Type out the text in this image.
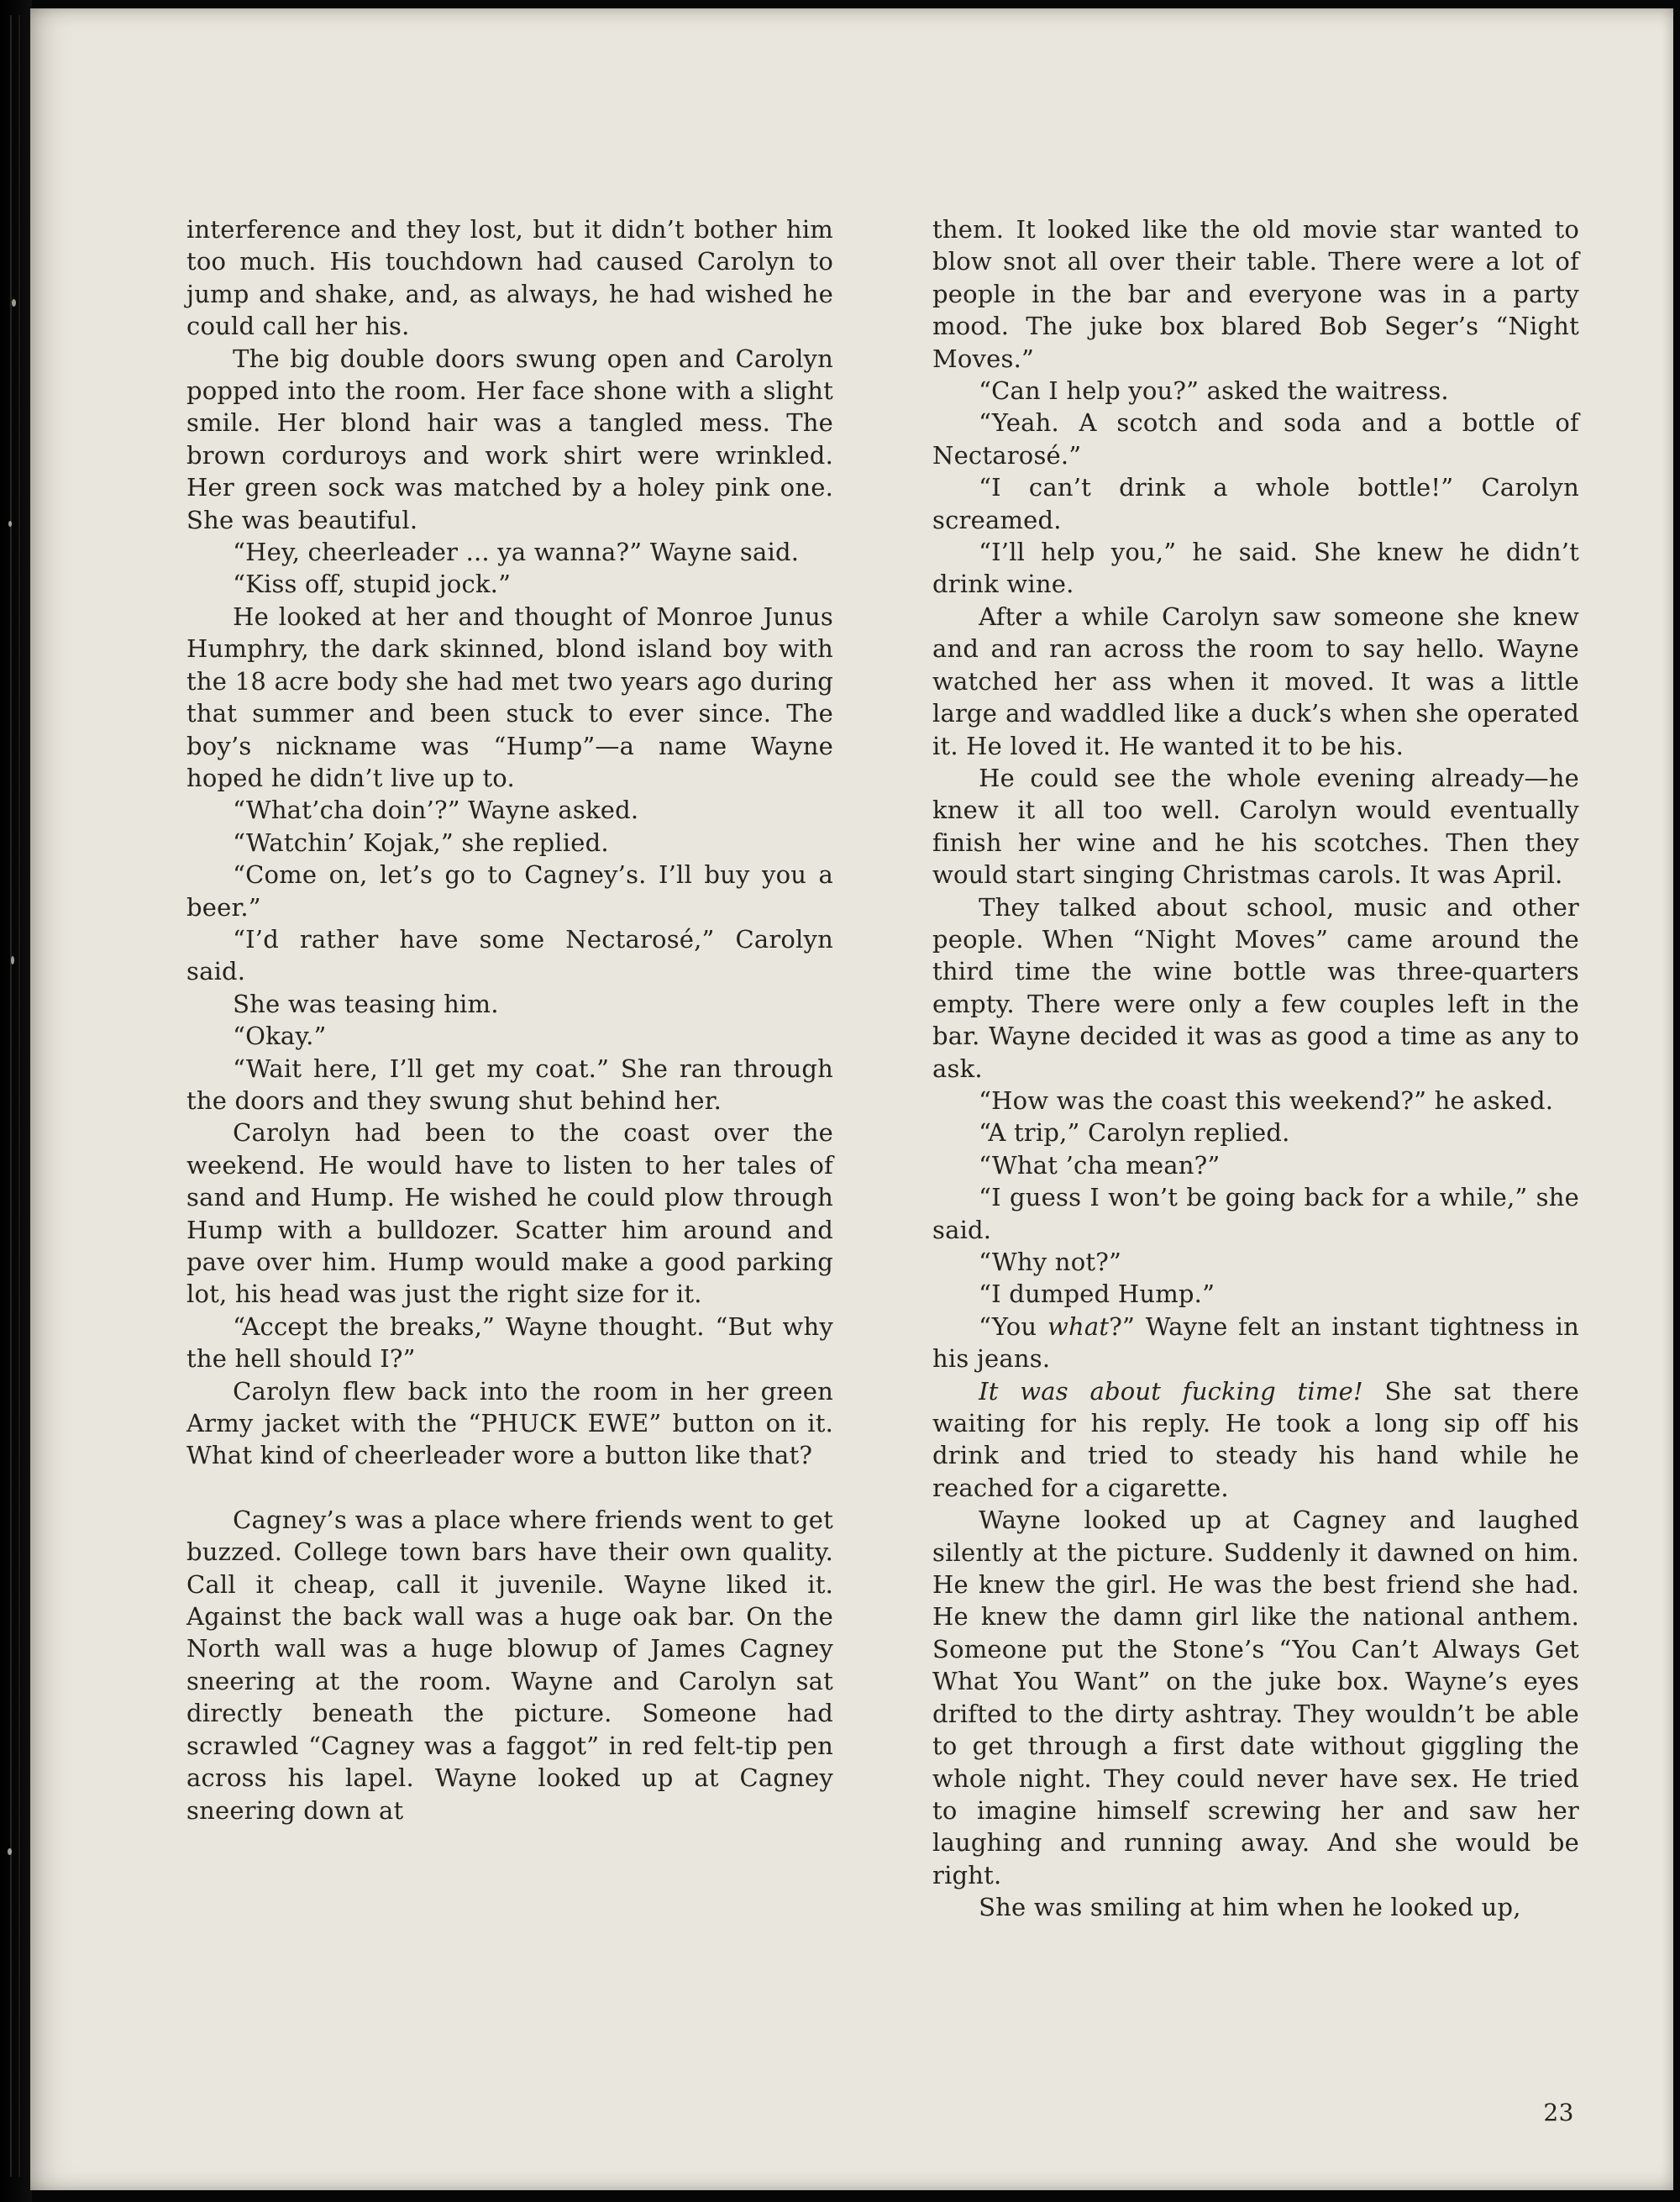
interference and they lost, but it didn’t bother him too much. His touchdown had caused Carolyn to jump and shake, and, as always, he had wished he could call her his.

The big double doors swung open and Carolyn popped into the room. Her face shone with a slight smile. Her blond hair was a tangled mess. The brown corduroys and work shirt were wrinkled. Her green sock was matched by a holey pink one. She was beautiful.

“Hey, cheerleader ... ya wanna?” Wayne said.

“Kiss off, stupid jock.”

He looked at her and thought of Monroe Junus Humphry, the dark skinned, blond island boy with the 18 acre body she had met two years ago during that summer and been stuck to ever since. The boy’s nickname was “Hump”—a name Wayne hoped he didn’t live up to.

“What’cha doin’?” Wayne asked.

“Watchin’ Kojak,” she replied.

“Come on, let’s go to Cagney’s. I’ll buy you a beer.”

“I’d rather have some Nectarosé,” Carolyn said.

She was teasing him.

“Okay.”

“Wait here, I’ll get my coat.” She ran through the doors and they swung shut behind her.

Carolyn had been to the coast over the weekend. He would have to listen to her tales of sand and Hump. He wished he could plow through Hump with a bulldozer. Scatter him around and pave over him. Hump would make a good parking lot, his head was just the right size for it.

“Accept the breaks,” Wayne thought. “But why the hell should I?”

Carolyn flew back into the room in her green Army jacket with the “PHUCK EWE” button on it. What kind of cheerleader wore a button like that?

Cagney’s was a place where friends went to get buzzed. College town bars have their own quality. Call it cheap, call it juvenile. Wayne liked it. Against the back wall was a huge oak bar. On the North wall was a huge blowup of James Cagney sneering at the room. Wayne and Carolyn sat directly beneath the picture. Someone had scrawled “Cagney was a faggot” in red felt-tip pen across his lapel. Wayne looked up at Cagney sneering down at

them. It looked like the old movie star wanted to blow snot all over their table. There were a lot of people in the bar and everyone was in a party mood. The juke box blared Bob Seger’s “Night Moves.”

“Can I help you?” asked the waitress.

“Yeah. A scotch and soda and a bottle of Nectarosé.”

“I can’t drink a whole bottle!” Carolyn screamed.

“I’ll help you,” he said. She knew he didn’t drink wine.

After a while Carolyn saw someone she knew and and ran across the room to say hello. Wayne watched her ass when it moved. It was a little large and waddled like a duck’s when she operated it. He loved it. He wanted it to be his.

He could see the whole evening already—he knew it all too well. Carolyn would eventually finish her wine and he his scotches. Then they would start singing Christmas carols. It was April.

They talked about school, music and other people. When “Night Moves” came around the third time the wine bottle was three-quarters empty. There were only a few couples left in the bar. Wayne decided it was as good a time as any to ask.

“How was the coast this weekend?” he asked.

“A trip,” Carolyn replied.

“What ’cha mean?”

“I guess I won’t be going back for a while,” she said.

“Why not?”

“I dumped Hump.”

“You what?” Wayne felt an instant tightness in his jeans.

It was about fucking time! She sat there waiting for his reply. He took a long sip off his drink and tried to steady his hand while he reached for a cigarette.

Wayne looked up at Cagney and laughed silently at the picture. Suddenly it dawned on him. He knew the girl. He was the best friend she had. He knew the damn girl like the national anthem. Someone put the Stone’s “You Can’t Always Get What You Want” on the juke box. Wayne’s eyes drifted to the dirty ashtray. They wouldn’t be able to get through a first date without giggling the whole night. They could never have sex. He tried to imagine himself screwing her and saw her laughing and running away. And she would be right.

She was smiling at him when he looked up,

23
